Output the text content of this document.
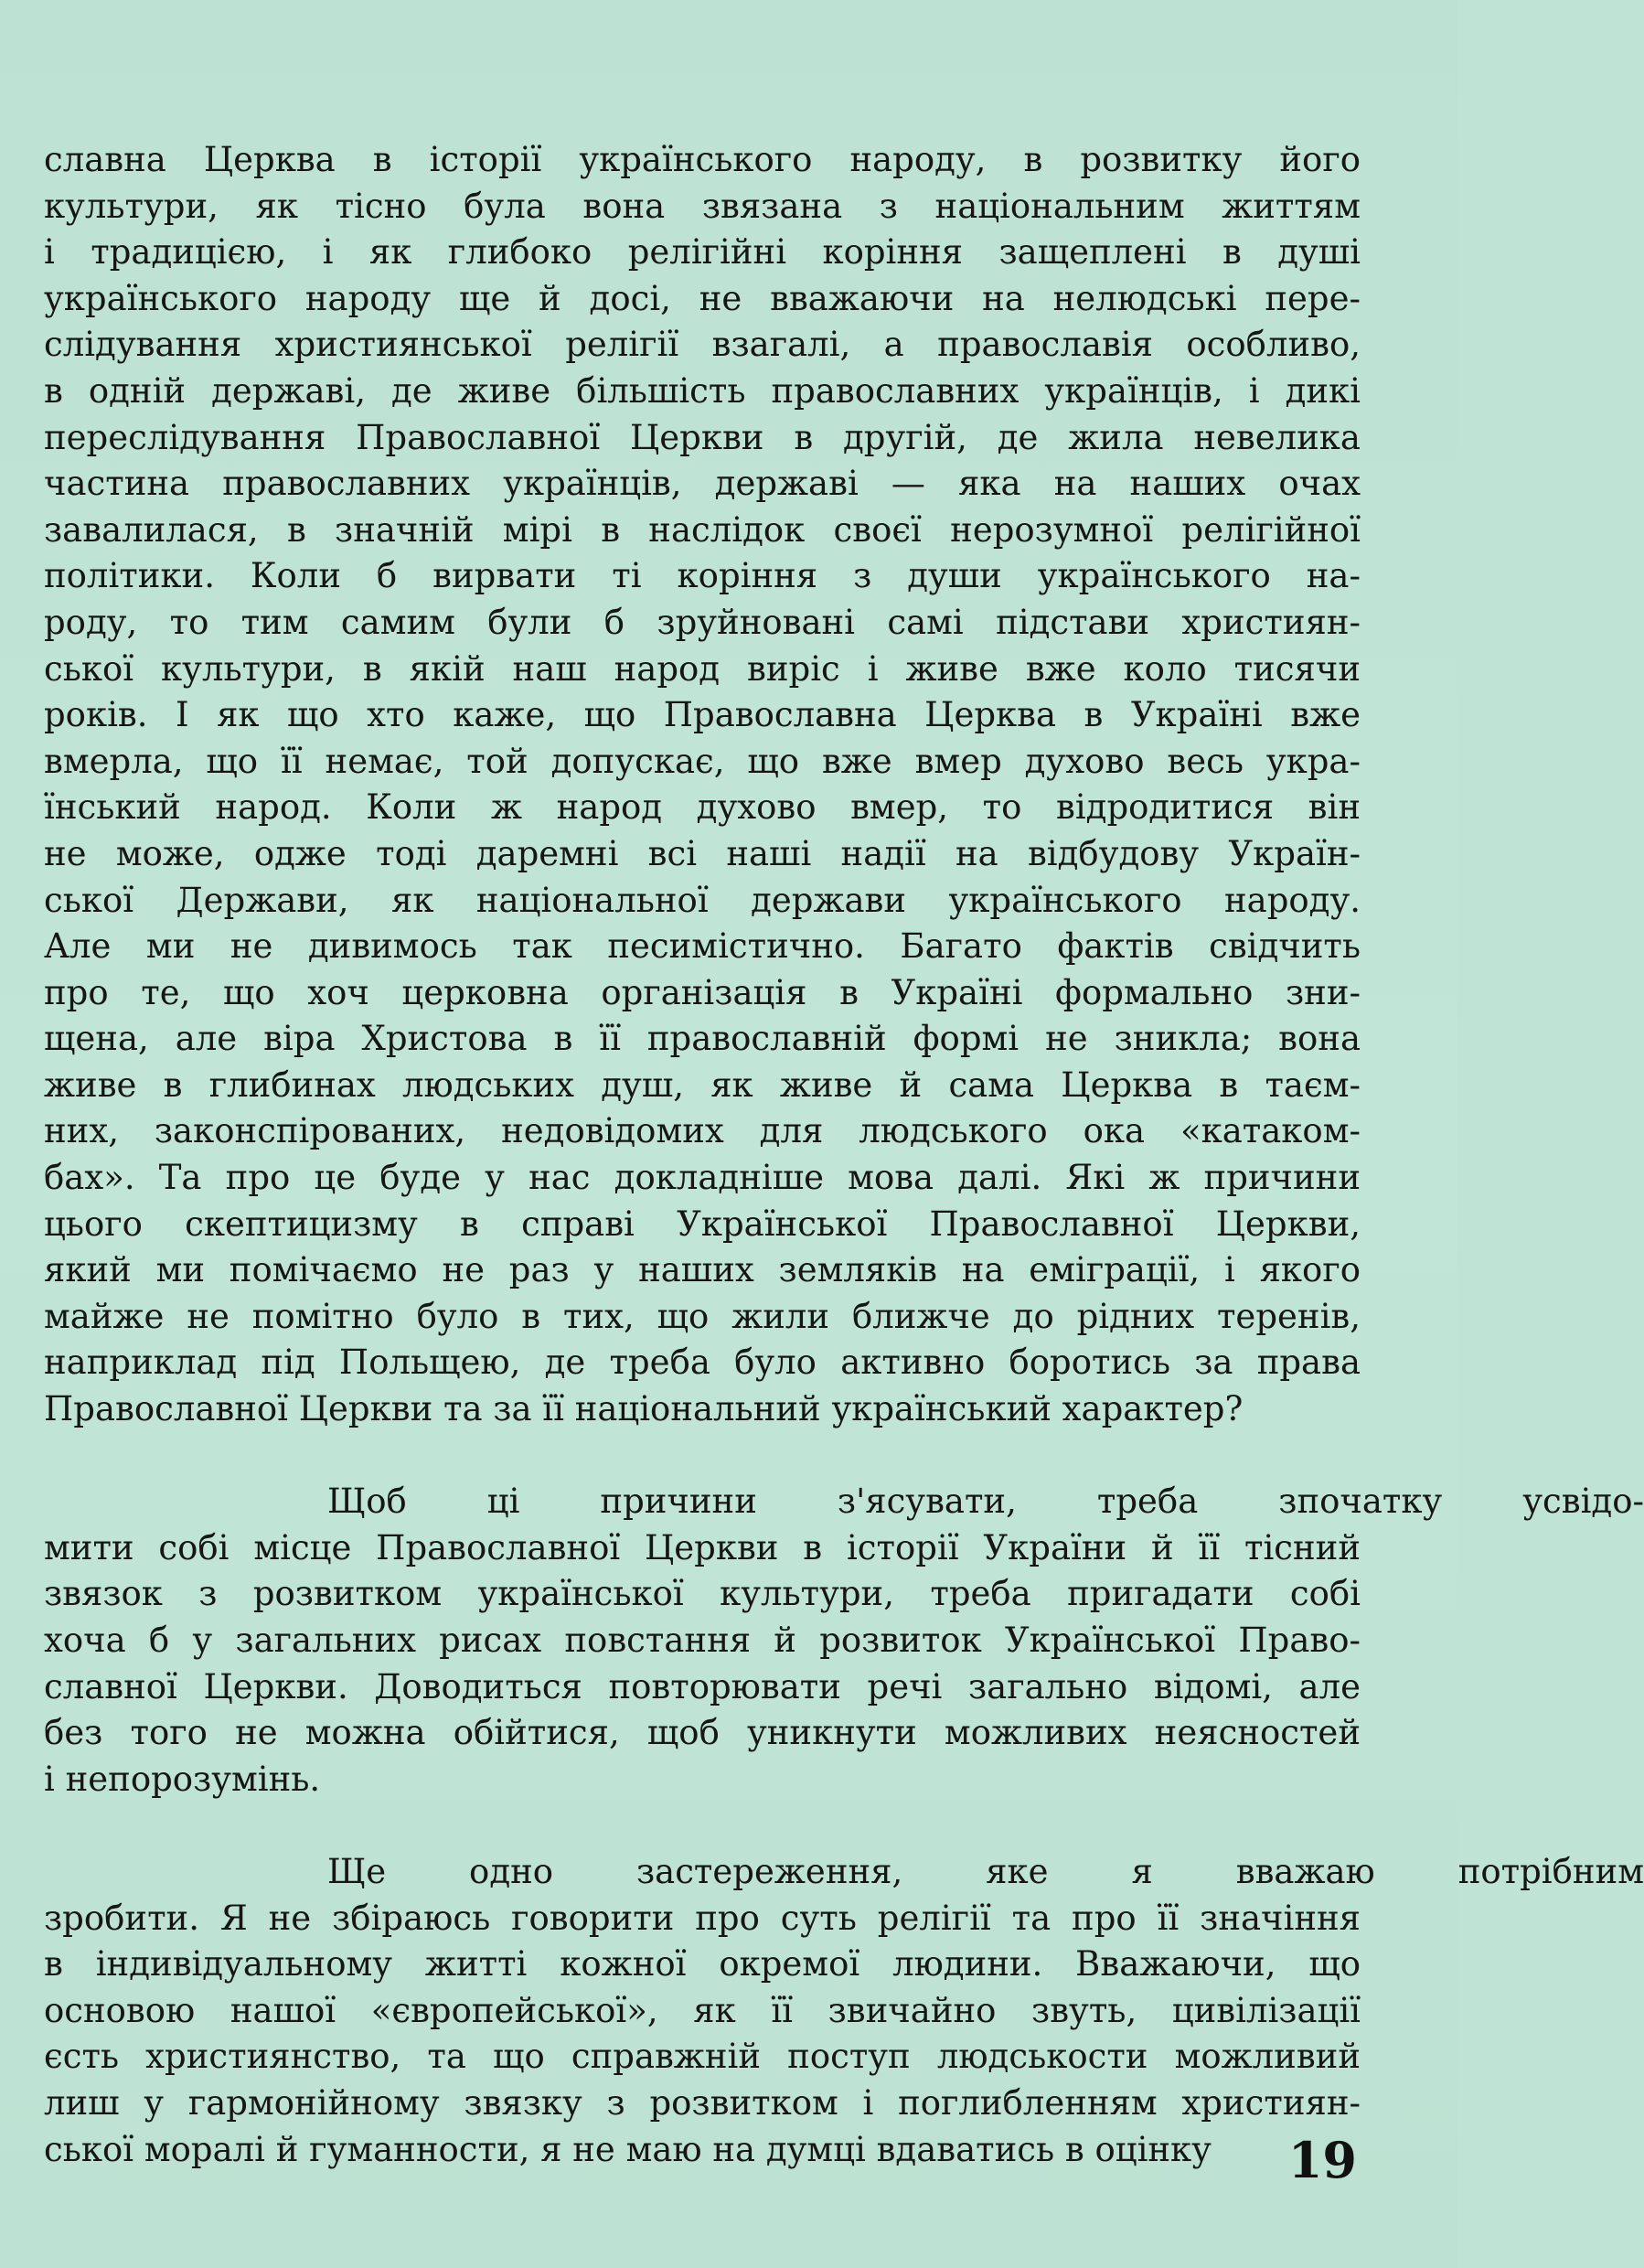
славна Церква в історії українського народу, в розвитку його
культури, як тісно була вона звязана з національним життям
і традицією, і як глибоко релігійні коріння защеплені в душі
українського народу ще й досі, не вважаючи на нелюдські пере-
слідування християнської релігії взагалі, а православія особливо,
в одній державі, де живе більшість православних українців, і дикі
переслідування Православної Церкви в другій, де жила невелика
частина православних українців, державі — яка на наших очах
завалилася, в значній мірі в наслідок своєї нерозумної релігійної
політики. Коли б вирвати ті коріння з души українського на-
роду, то тим самим були б зруйновані самі підстави християн-
ської культури, в якій наш народ виріс і живе вже коло тисячи
років. І як що хто каже, що Православна Церква в Україні вже
вмерла, що її немає, той допускає, що вже вмер духово весь укра-
їнський народ. Коли ж народ духово вмер, то відродитися він
не може, одже тоді даремні всі наші надії на відбудову Україн-
ської Держави, як національної держави українського народу.
Але ми не дивимось так песимістично. Багато фактів свідчить
про те, що хоч церковна організація в Україні формально зни-
щена, але віра Христова в її православній формі не зникла; вона
живе в глибинах людських душ, як живе й сама Церква в таєм-
них, законспірованих, недовідомих для людського ока «катаком-
бах». Та про це буде у нас докладніше мова далі. Які ж причини
цього скептицизму в справі Української Православної Церкви,
який ми помічаємо не раз у наших земляків на еміграції, і якого
майже не помітно було в тих, що жили ближче до рідних теренів,
наприклад під Польщею, де треба було активно боротись за права
Православної Церкви та за її національний український характер?
Щоб ці причини з'ясувати, треба зпочатку усвідо-
мити собі місце Православної Церкви в історії України й її тісний
звязок з розвитком української культури, треба пригадати собі
хоча б у загальних рисах повстання й розвиток Української Право-
славної Церкви. Доводиться повторювати речі загально відомі, але
без того не можна обійтися, щоб уникнути можливих неясностей
і непорозумінь.
Ще одно застереження, яке я вважаю потрібним
зробити. Я не збіраюсь говорити про суть релігії та про її значіння
в індивідуальному житті кожної окремої людини. Вважаючи, що
основою нашої «європейської», як її звичайно звуть, цивілізації
єсть християнство, та що справжній поступ людськости можливий
лиш у гармонійному звязку з розвитком і поглибленням християн-
ської моралі й гуманности, я не маю на думці вдаватись в оцінку	19
